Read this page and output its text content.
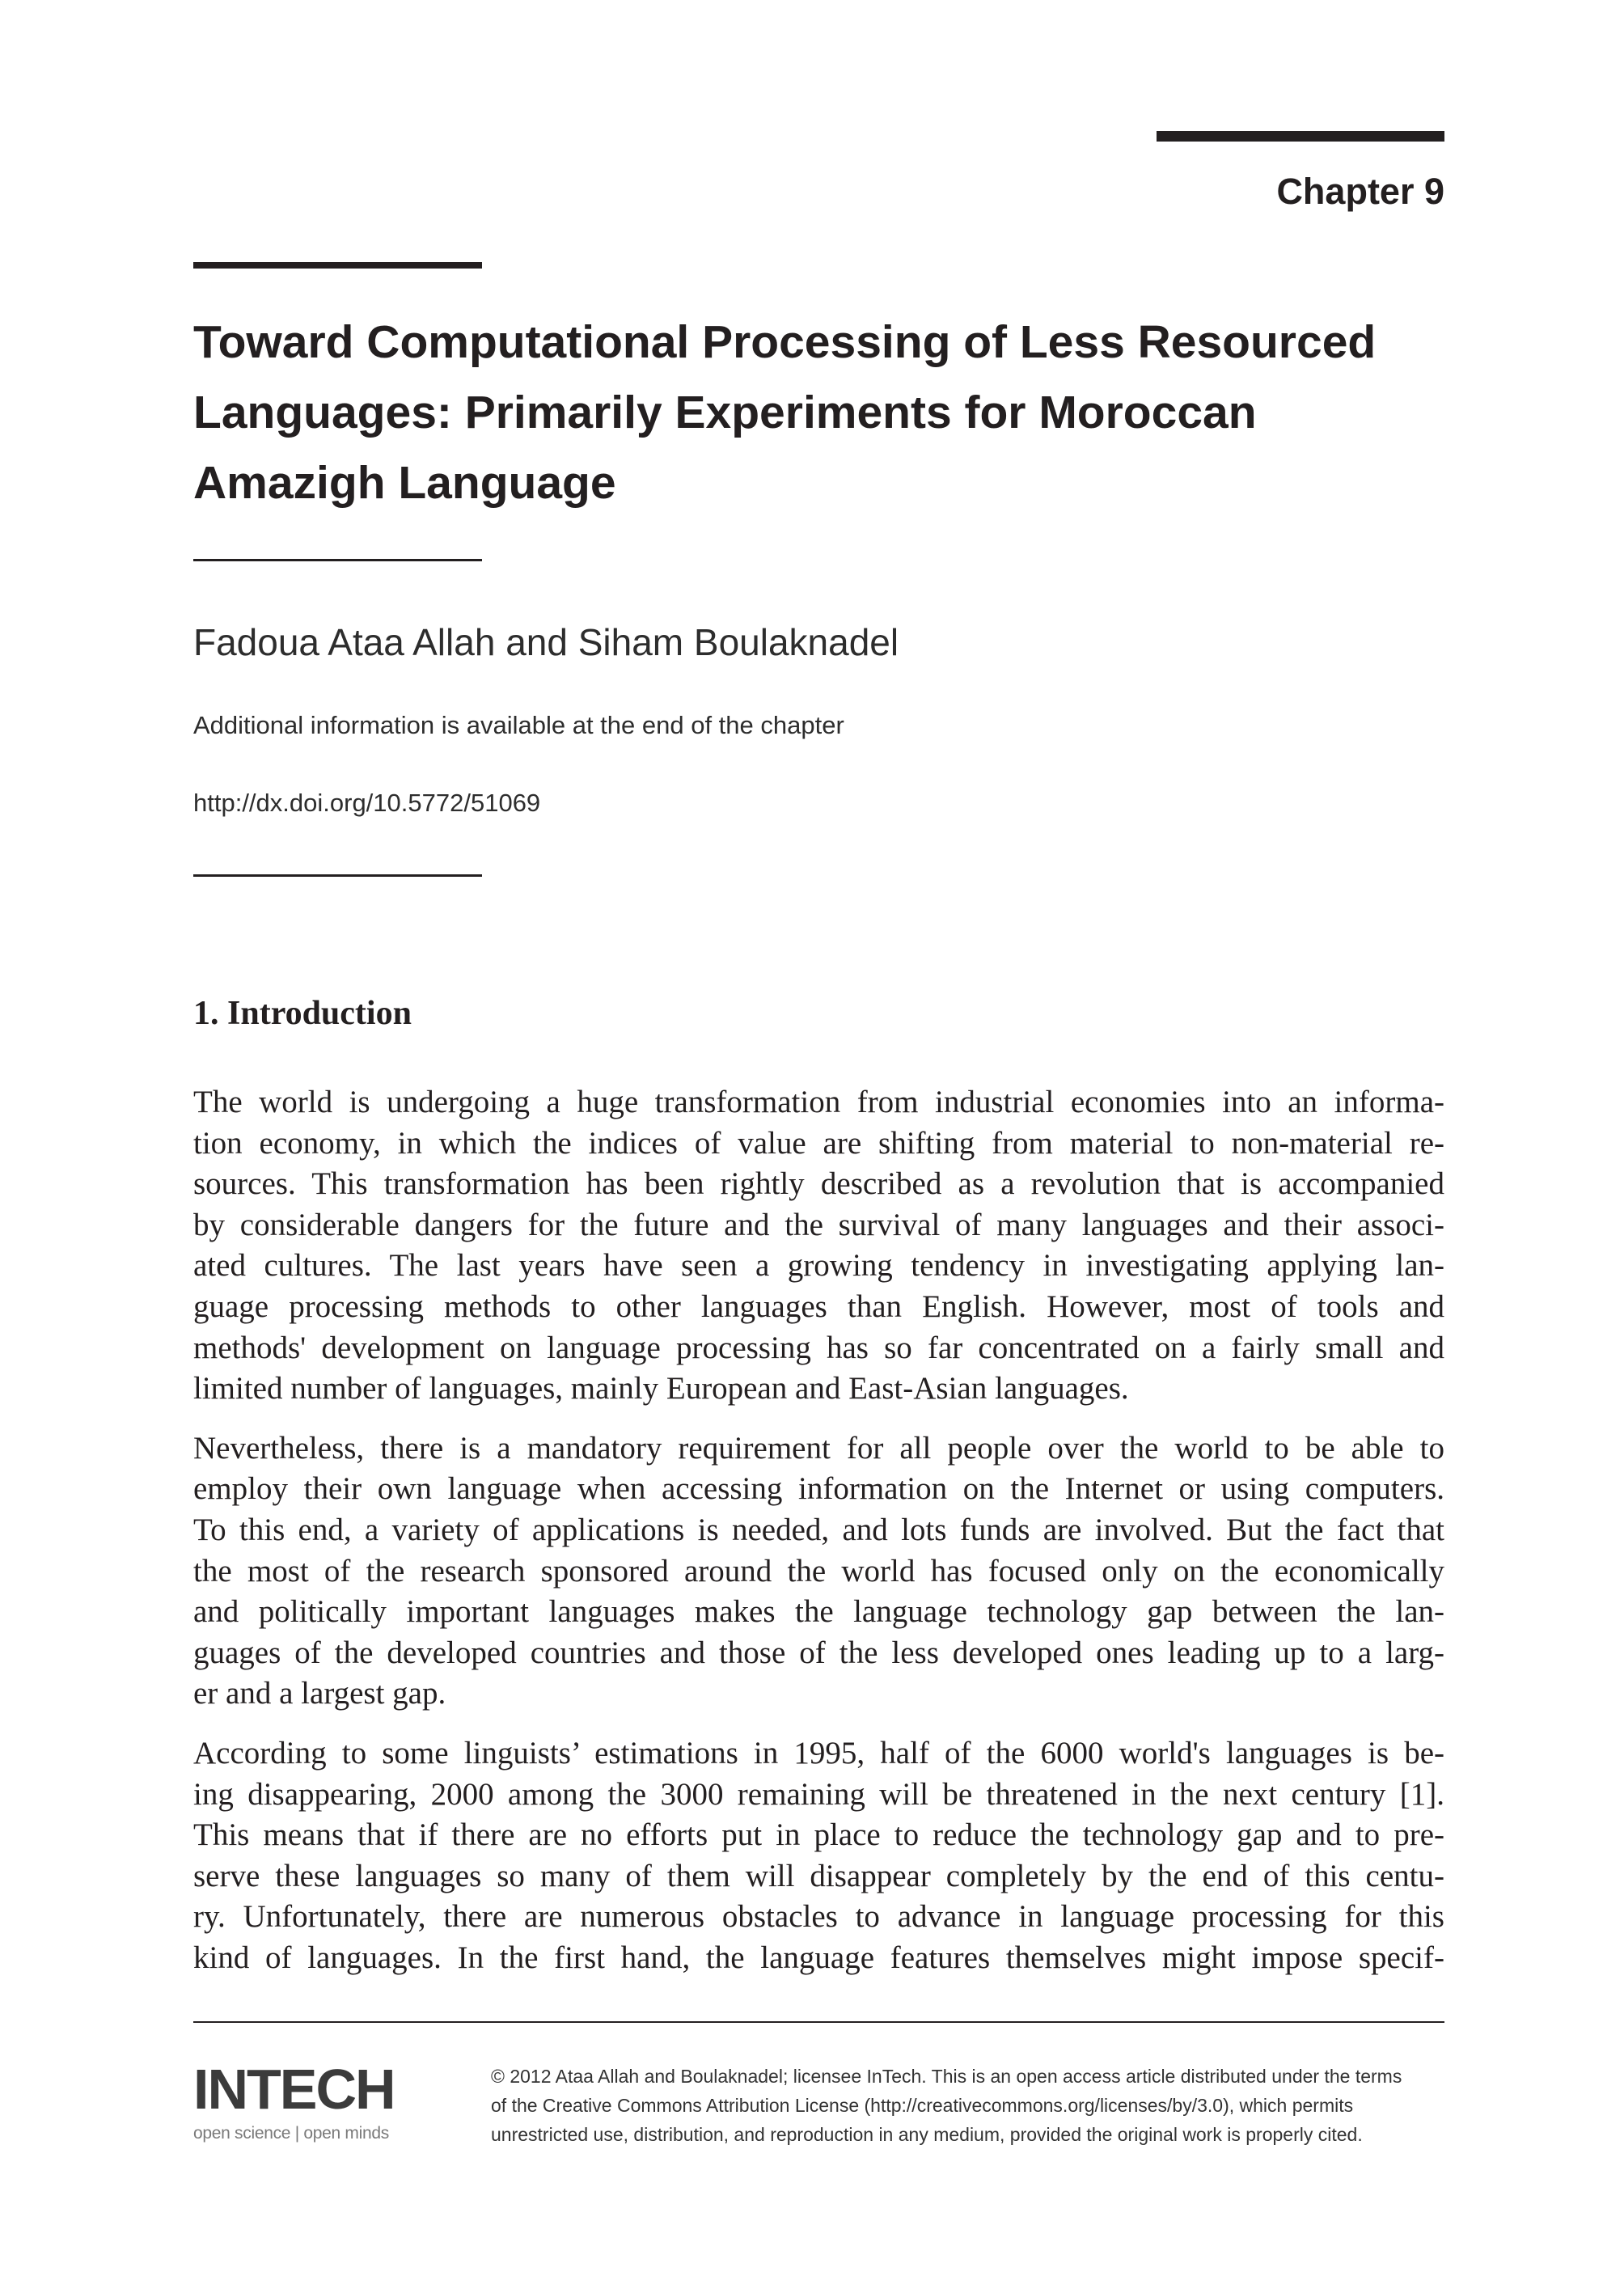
Chapter 9
Toward Computational Processing of Less Resourced
Languages: Primarily Experiments for Moroccan
Amazigh Language
Fadoua Ataa Allah and Siham Boulaknadel
Additional information is available at the end of the chapter
http://dx.doi.org/10.5772/51069
1. Introduction
The world is undergoing a huge transformation from industrial economies into an informa-
tion economy, in which the indices of value are shifting from material to non-material re-
sources. This transformation has been rightly described as a revolution that is accompanied
by considerable dangers for the future and the survival of many languages and their associ-
ated cultures. The last years have seen a growing tendency in investigating applying lan-
guage processing methods to other languages than English. However, most of tools and
methods' development on language processing has so far concentrated on a fairly small and
limited number of languages, mainly European and East-Asian languages.
Nevertheless, there is a mandatory requirement for all people over the world to be able to
employ their own language when accessing information on the Internet or using computers.
To this end, a variety of applications is needed, and lots funds are involved. But the fact that
the most of the research sponsored around the world has focused only on the economically
and politically important languages makes the language technology gap between the lan-
guages of the developed countries and those of the less developed ones leading up to a larg-
er and a largest gap.
According to some linguists’ estimations in 1995, half of the 6000 world's languages is be-
ing disappearing, 2000 among the 3000 remaining will be threatened in the next century [1].
This means that if there are no efforts put in place to reduce the technology gap and to pre-
serve these languages so many of them will disappear completely by the end of this centu-
ry. Unfortunately, there are numerous obstacles to advance in language processing for this
kind of languages. In the first hand, the language features themselves might impose specif-
INTECH
open science | open minds
© 2012 Ataa Allah and Boulaknadel; licensee InTech. This is an open access article distributed under the terms
of the Creative Commons Attribution License (http://creativecommons.org/licenses/by/3.0), which permits
unrestricted use, distribution, and reproduction in any medium, provided the original work is properly cited.
